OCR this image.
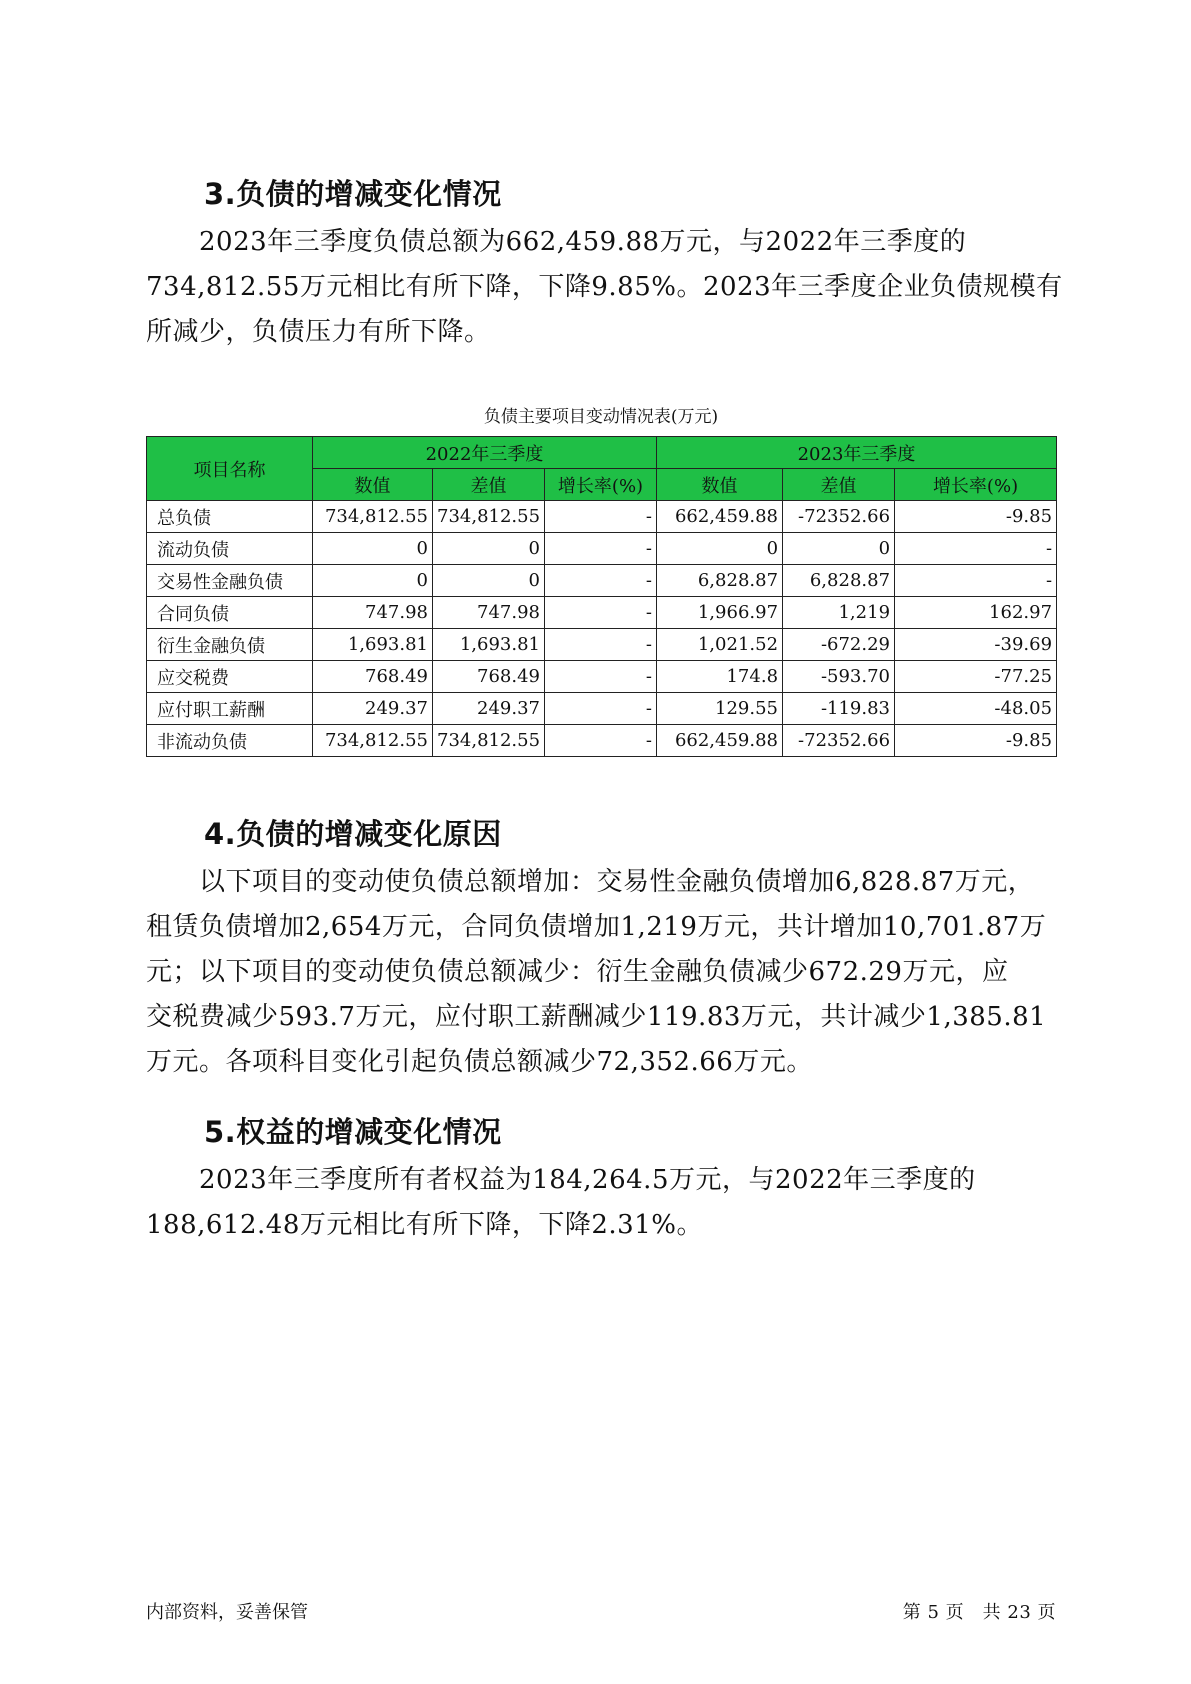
3.负债的增减变化情况

　　2023年三季度负债总额为662,459.88万元，与2022年三季度的
734,812.55万元相比有所下降，下降9.85%。2023年三季度企业负债规模有
所减少，负债压力有所下降。

负债主要项目变动情况表(万元)
项目名称	2022年三季度			2023年三季度		
	数值	差值	增长率(%)	数值	差值	增长率(%)
总负债	734,812.55	734,812.55	-	662,459.88	-72352.66	-9.85
流动负债	0	0	-	0	0	-
交易性金融负债	0	0	-	6,828.87	6,828.87	-
合同负债	747.98	747.98	-	1,966.97	1,219	162.97
衍生金融负债	1,693.81	1,693.81	-	1,021.52	-672.29	-39.69
应交税费	768.49	768.49	-	174.8	-593.70	-77.25
应付职工薪酬	249.37	249.37	-	129.55	-119.83	-48.05
非流动负债	734,812.55	734,812.55	-	662,459.88	-72352.66	-9.85
4.负债的增减变化原因

　　以下项目的变动使负债总额增加：交易性金融负债增加6,828.87万元，
租赁负债增加2,654万元，合同负债增加1,219万元，共计增加10,701.87万
元；以下项目的变动使负债总额减少：衍生金融负债减少672.29万元，应
交税费减少593.7万元，应付职工薪酬减少119.83万元，共计减少1,385.81
万元。各项科目变化引起负债总额减少72,352.66万元。

5.权益的增减变化情况

　　2023年三季度所有者权益为184,264.5万元，与2022年三季度的
188,612.48万元相比有所下降，下降2.31%。

内部资料，妥善保管	第 5 页　共 23 页
